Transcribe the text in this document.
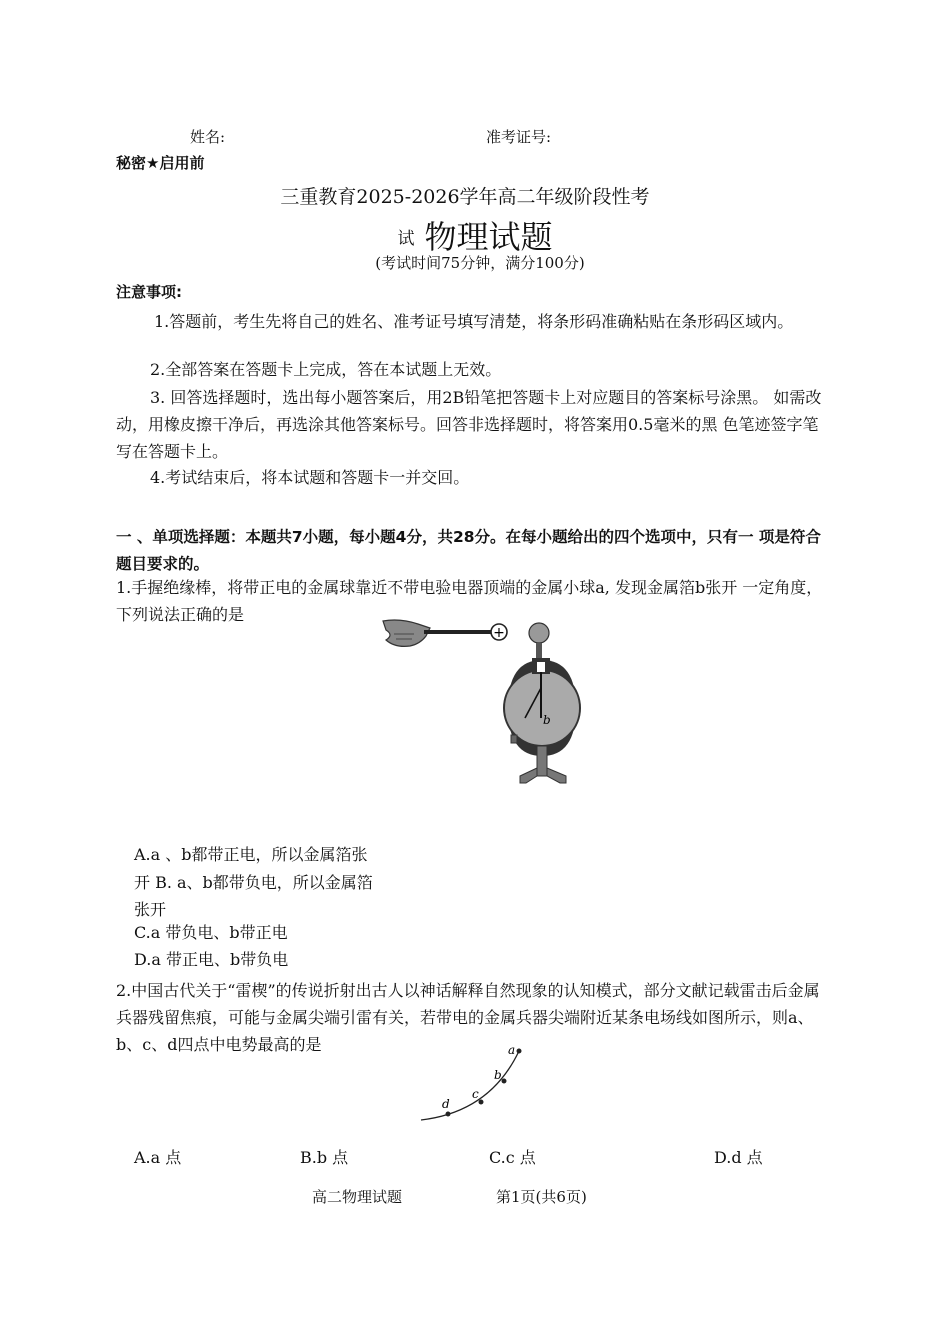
姓名:	准考证号:
秘密★启用前
三重教育2025-2026学年高二年级阶段性考
试 物理试题
(考试时间75分钟，满分100分)
注意事项:
1.答题前，考生先将自己的姓名、准考证号填写清楚，将条形码准确粘贴在条形码区域内。
2.全部答案在答题卡上完成，答在本试题上无效。
3. 回答选择题时，选出每小题答案后，用2B铅笔把答题卡上对应题目的答案标号涂黑。 如需改动，用橡皮擦干净后，再选涂其他答案标号。回答非选择题时，将答案用0.5毫米的黑 色笔迹签字笔写在答题卡上。
4.考试结束后，将本试题和答题卡一并交回。
一 、单项选择题：本题共7小题，每小题4分，共28分。在每小题给出的四个选项中，只有一 项是符合题目要求的。
1.手握绝缘棒，将带正电的金属球靠近不带电验电器顶端的金属小球a, 发现金属箔b张开 一定角度，下列说法正确的是
+
b
A.a 、b都带正电，所以金属箔张
开 B. a、b都带负电，所以金属箔
张开
C.a 带负电、b带正电
D.a 带正电、b带负电
2.中国古代关于“雷楔”的传说折射出古人以神话解释自然现象的认知模式，部分文献记载雷击后金属兵器残留焦痕，可能与金属尖端引雷有关，若带电的金属兵器尖端附近某条电场线如图所示，则a、b、c、d四点中电势最高的是	a
b
c
d
A.a 点	B.b 点	C.c 点	D.d 点
高二物理试题	第1页(共6页)
